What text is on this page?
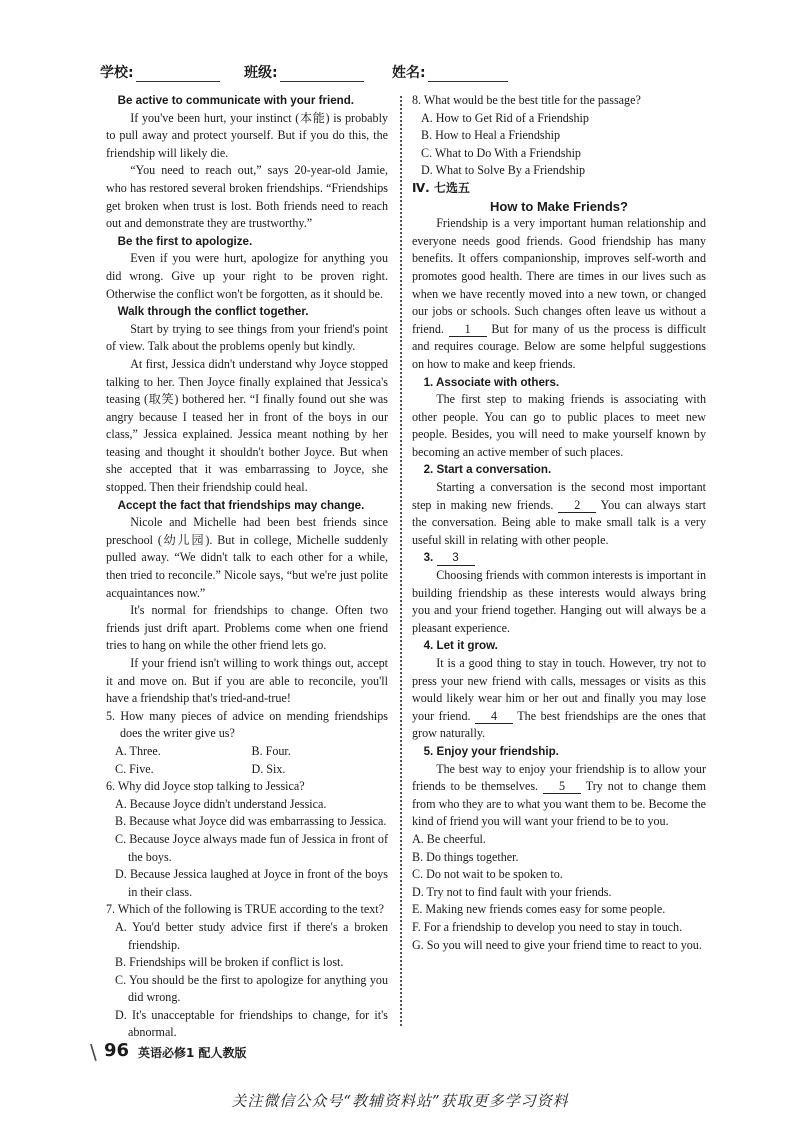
学校:	班级:	姓名:

Be active to communicate with your friend.

If you've been hurt, your instinct (本能) is probably to pull away and protect yourself. But if you do this, the friendship will likely die.

“You need to reach out,” says 20-year-old Jamie, who has restored several broken friendships. “Friendships get broken when trust is lost. Both friends need to reach out and demonstrate they are trustworthy.”

Be the first to apologize.

Even if you were hurt, apologize for anything you did wrong. Give up your right to be proven right. Otherwise the conflict won't be forgotten, as it should be.

Walk through the conflict together.

Start by trying to see things from your friend's point of view. Talk about the problems openly but kindly.

At first, Jessica didn't understand why Joyce stopped talking to her. Then Joyce finally explained that Jessica's teasing (取笑) bothered her. “I finally found out she was angry because I teased her in front of the boys in our class,” Jessica explained. Jessica meant nothing by her teasing and thought it shouldn't bother Joyce. But when she accepted that it was embarrassing to Joyce, she stopped. Then their friendship could heal.

Accept the fact that friendships may change.

Nicole and Michelle had been best friends since preschool (幼儿园). But in college, Michelle suddenly pulled away. “We didn't talk to each other for a while, then tried to reconcile.” Nicole says, “but we're just polite acquaintances now.”

It's normal for friendships to change. Often two friends just drift apart. Problems come when one friend tries to hang on while the other friend lets go.

If your friend isn't willing to work things out, accept it and move on. But if you are able to reconcile, you'll have a friendship that's tried-and-true!

5. How many pieces of advice on mending friendships does the writer give us?

A. Three.	B. Four.
C. Five.	D. Six.

6. Why did Joyce stop talking to Jessica?

A. Because Joyce didn't understand Jessica.

B. Because what Joyce did was embarrassing to Jessica.

C. Because Joyce always made fun of Jessica in front of the boys.

D. Because Jessica laughed at Joyce in front of the boys in their class.

7. Which of the following is TRUE according to the text?

A. You'd better study advice first if there's a broken friendship.

B. Friendships will be broken if conflict is lost.

C. You should be the first to apologize for anything you did wrong.

D. It's unacceptable for friendships to change, for it's abnormal.

8. What would be the best title for the passage?

A. How to Get Rid of a Friendship

B. How to Heal a Friendship

C. What to Do With a Friendship

D. What to Solve By a Friendship

Ⅳ. 七选五

How to Make Friends?

Friendship is a very important human relationship and everyone needs good friends. Good friendship has many benefits. It offers companionship, improves self-worth and promotes good health. There are times in our lives such as when we have recently moved into a new town, or changed our jobs or schools. Such changes often leave us without a friend. 1 But for many of us the process is difficult and requires courage. Below are some helpful suggestions on how to make and keep friends.

1. Associate with others.

The first step to making friends is associating with other people. You can go to public places to meet new people. Besides, you will need to make yourself known by becoming an active member of such places.

2. Start a conversation.

Starting a conversation is the second most important step in making new friends. 2 You can always start the conversation. Being able to make small talk is a very useful skill in relating with other people.

3. 3

Choosing friends with common interests is important in building friendship as these interests would always bring you and your friend together. Hanging out will always be a pleasant experience.

4. Let it grow.

It is a good thing to stay in touch. However, try not to press your new friend with calls, messages or visits as this would likely wear him or her out and finally you may lose your friend. 4 The best friendships are the ones that grow naturally.

5. Enjoy your friendship.

The best way to enjoy your friendship is to allow your friends to be themselves. 5 Try not to change them from who they are to what you want them to be. Become the kind of friend you will want your friend to be to you.

A. Be cheerful.

B. Do things together.

C. Do not wait to be spoken to.

D. Try not to find fault with your friends.

E. Making new friends comes easy for some people.

F. For a friendship to develop you need to stay in touch.

G. So you will need to give your friend time to react to you.

\ 96 英语必修1 配人教版
关注微信公众号“教辅资料站”获取更多学习资料
